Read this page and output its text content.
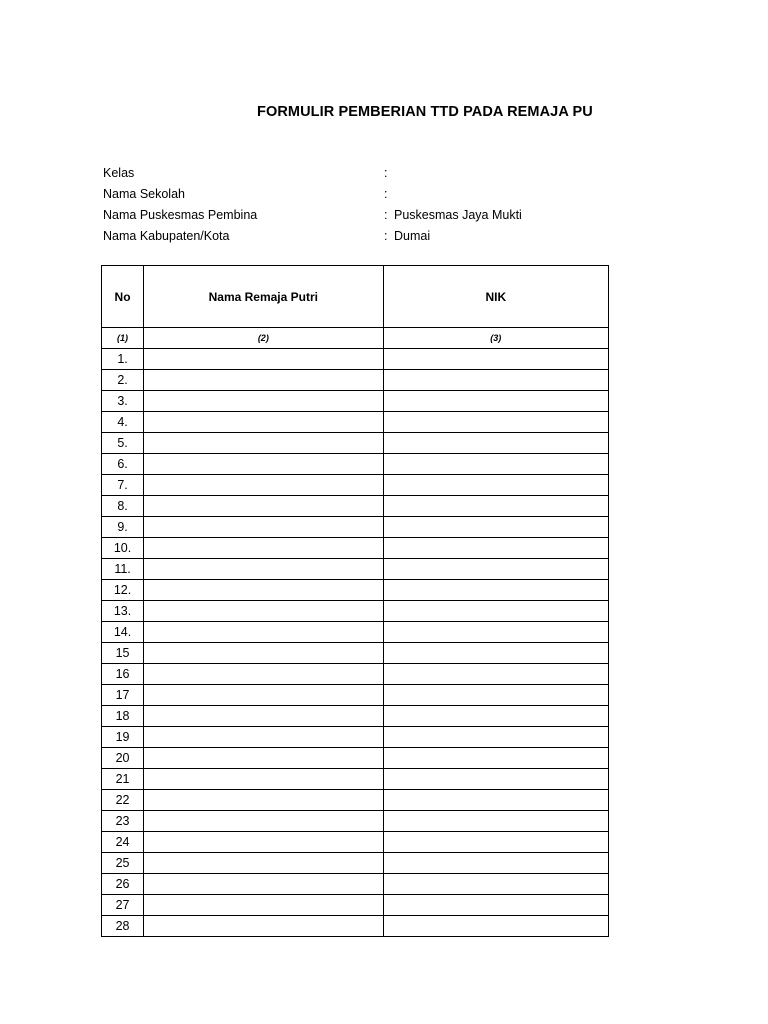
FORMULIR PEMBERIAN TTD PADA REMAJA PU
Kelas	:
Nama Sekolah	:
Nama Puskesmas Pembina	: Puskesmas Jaya Mukti
Nama Kabupaten/Kota	: Dumai
No	Nama Remaja Putri	NIK
(1)	(2)	(3)
1.		
2.		
3.		
4.		
5.		
6.		
7.		
8.		
9.		
10.		
11.		
12.		
13.		
14.		
15		
16		
17		
18		
19		
20		
21		
22		
23		
24		
25		
26		
27		
28		
